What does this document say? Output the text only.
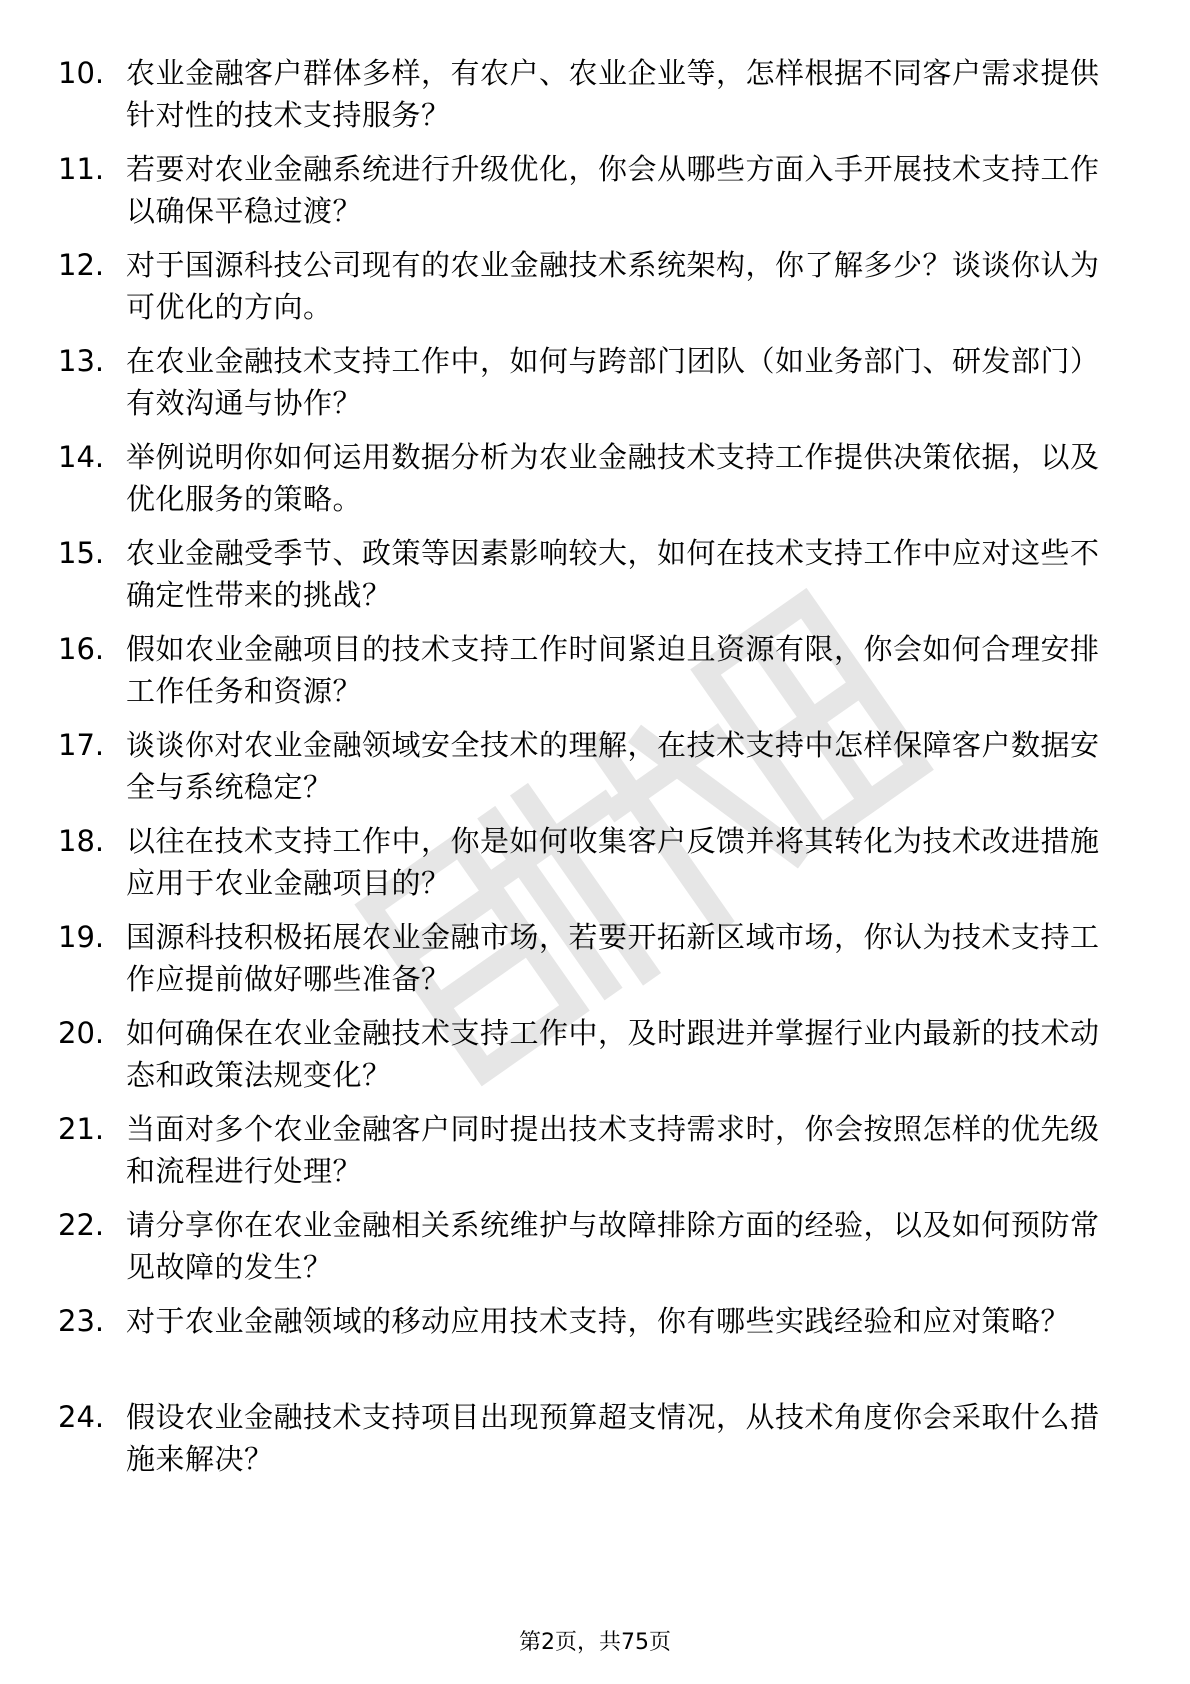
10. 农业金融客户群体多样，有农户、农业企业等，怎样根据不同客户需求提供针对性的技术支持服务？
11. 若要对农业金融系统进行升级优化，你会从哪些方面入手开展技术支持工作以确保平稳过渡？
12. 对于国源科技公司现有的农业金融技术系统架构，你了解多少？谈谈你认为可优化的方向。
13. 在农业金融技术支持工作中，如何与跨部门团队（如业务部门、研发部门）有效沟通与协作？
14. 举例说明你如何运用数据分析为农业金融技术支持工作提供决策依据，以及优化服务的策略。
15. 农业金融受季节、政策等因素影响较大，如何在技术支持工作中应对这些不确定性带来的挑战？
16. 假如农业金融项目的技术支持工作时间紧迫且资源有限，你会如何合理安排工作任务和资源？
17. 谈谈你对农业金融领域安全技术的理解，在技术支持中怎样保障客户数据安全与系统稳定？
18. 以往在技术支持工作中，你是如何收集客户反馈并将其转化为技术改进措施应用于农业金融项目的？
19. 国源科技积极拓展农业金融市场，若要开拓新区域市场，你认为技术支持工作应提前做好哪些准备？
20. 如何确保在农业金融技术支持工作中，及时跟进并掌握行业内最新的技术动态和政策法规变化？
21. 当面对多个农业金融客户同时提出技术支持需求时，你会按照怎样的优先级和流程进行处理？
22. 请分享你在农业金融相关系统维护与故障排除方面的经验，以及如何预防常见故障的发生？
23. 对于农业金融领域的移动应用技术支持，你有哪些实践经验和应对策略？
24. 假设农业金融技术支持项目出现预算超支情况，从技术角度你会采取什么措施来解决？
第2页，共75页
